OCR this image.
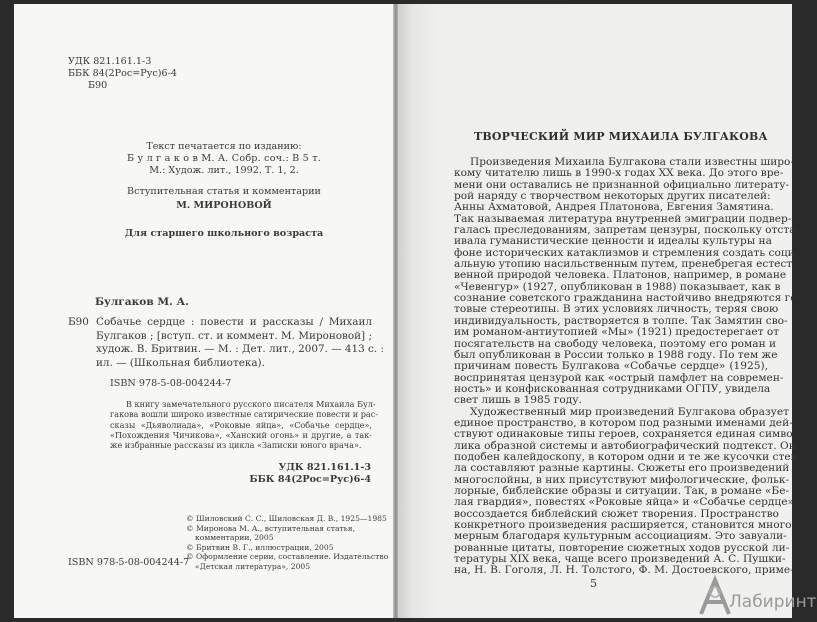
УДК 821.161.1-3
ББК 84(2Рос=Рус)6-4
Б90
Текст печатается по изданию:
Б у л г а к о в М. А. Собр. соч.: В 5 т.
М.: Худож. лит., 1992. Т. 1, 2.
Вступительная статья и комментарии
М. МИРОНОВОЙ
Для старшего школьного возраста
Булгаков М. А.
Б90 Собачье сердце : повести и рассказы / Михаил
Булгаков ; [вступ. ст. и коммент. М. Мироновой] ;
худож. В. Бритвин. — М. : Дет. лит., 2007. — 413 с. :
ил. — (Школьная библиотека).
ISBN 978-5-08-004244-7
В книгу замечательного русского писателя Михаила Бул-
гакова вошли широко известные сатирические повести и рас-
сказы «Дьяволиада», «Роковые яйца», «Собачье сердце»,
«Похождения Чичикова», «Ханский огонь» и другие, а так-
же избранные рассказы из цикла «Записки юного врача».
УДК 821.161.1-3
ББК 84(2Рос=Рус)6-4
© Шиловский С. С., Шиловская Д. В., 1925—1985
© Миронова М. А., вступительная статья,
комментарии, 2005
© Бритвин В. Г., иллюстрации, 2005
© Оформление серии, составление. Издательство
«Детская литература», 2005
ISBN 978-5-08-004244-7
ТВОРЧЕСКИЙ МИР МИХАИЛА БУЛГАКОВА
Произведения Михаила Булгакова стали известны широ-
кому читателю лишь в 1990-х годах XX века. До этого вре-
мени они оставались не признанной официально литерату-
рой наряду с творчеством некоторых других писателей:
Анны Ахматовой, Андрея Платонова, Евгения Замятина.
Так называемая литература внутренней эмиграции подвер-
галась преследованиям, запретам цензуры, поскольку отста-
ивала гуманистические ценности и идеалы культуры на
фоне исторических катаклизмов и стремления создать соци-
альную утопию насильственным путем, пренебрегая естест-
венной природой человека. Платонов, например, в романе
«Чевенгур» (1927, опубликован в 1988) показывает, как в
сознание советского гражданина настойчиво внедряются го-
товые стереотипы. В этих условиях личность, теряя свою
индивидуальность, растворяется в толпе. Так Замятин сво-
им романом-антиутопией «Мы» (1921) предостерегает от
посягательств на свободу человека, поэтому его роман и
был опубликован в России только в 1988 году. По тем же
причинам повесть Булгакова «Собачье сердце» (1925),
воспринятая цензурой как «острый памфлет на современ-
ность» и конфискованная сотрудниками ОГПУ, увидела
свет лишь в 1985 году.
Художественный мир произведений Булгакова образует
единое пространство, в котором под разными именами дей-
ствуют одинаковые типы героев, сохраняется единая симво-
лика образной системы и автобиографический подтекст. Он
подобен калейдоскопу, в котором одни и те же кусочки стек-
ла составляют разные картины. Сюжеты его произведений
многослойны, в них присутствуют мифологические, фольк-
лорные, библейские образы и ситуации. Так, в романе «Бе-
лая гвардия», повестях «Роковые яйца» и «Собачье сердце»
воссоздается библейский сюжет творения. Пространство
конкретного произведения расширяется, становится много-
мерным благодаря культурным ассоциациям. Это завуали-
рованные цитаты, повторение сюжетных ходов русской ли-
тературы XIX века, чаще всего произведений А. С. Пушки-
на, Н. В. Гоголя, Л. Н. Толстого, Ф. М. Достоевского, приме-
5
Лабиринт
